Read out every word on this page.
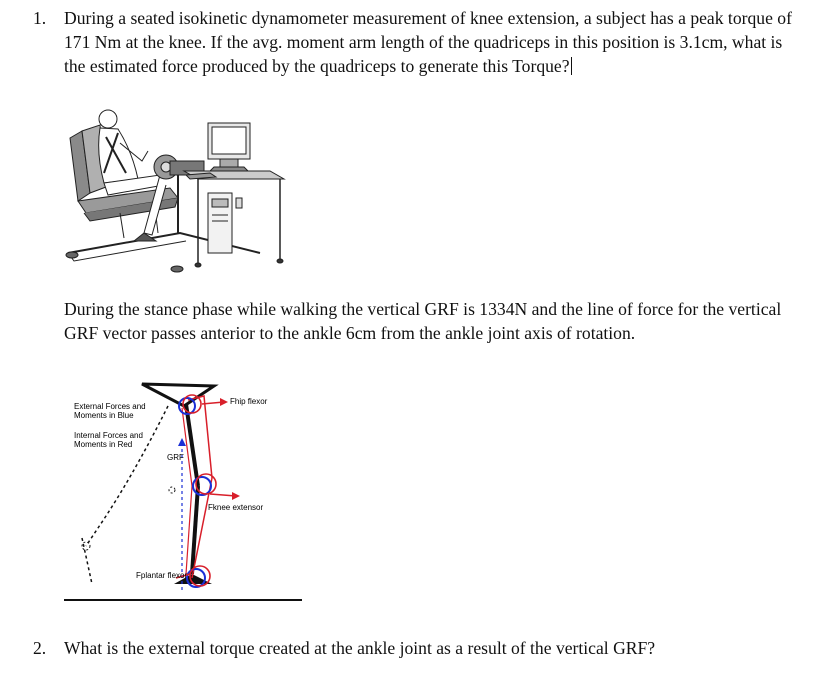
1. During a seated isokinetic dynamometer measurement of knee extension, a subject has a peak torque of 171 Nm at the knee. If the avg. moment arm length of the quadriceps in this position is 3.1cm, what is the estimated force produced by the quadriceps to generate this Torque?
During the stance phase while walking the vertical GRF is 1334N and the line of force for the vertical GRF vector passes anterior to the ankle 6cm from the ankle joint axis of rotation.
External Forces and
Moments in Blue
Internal Forces and
Moments in Red
GRF
Fhip flexor
Fknee extensor
Fplantar flexor
2. What is the external torque created at the ankle joint as a result of the vertical GRF?
